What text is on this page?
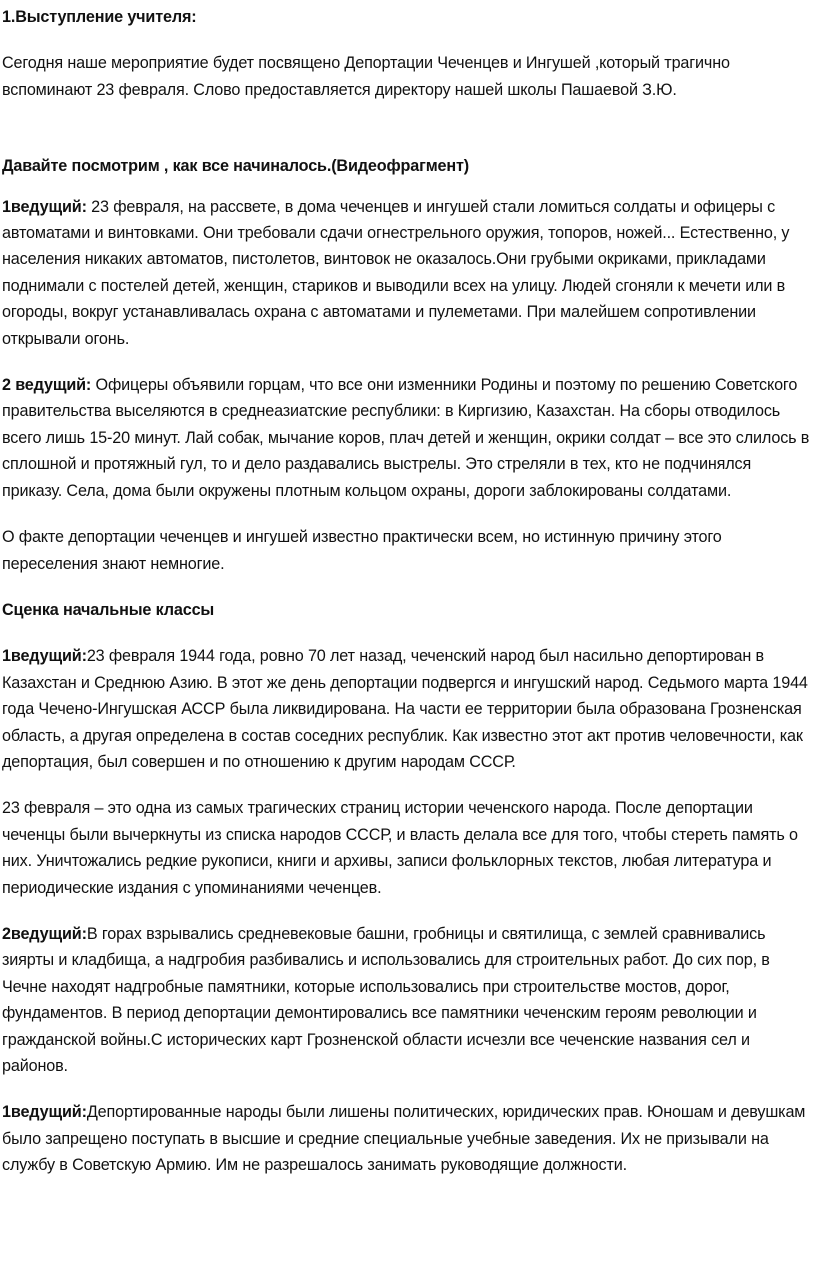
1.Выступление учителя:

Сегодня наше мероприятие будет посвящено Депортации Чеченцев и Ингушей ,который трагично вспоминают 23 февраля. Слово предоставляется директору нашей школы Пашаевой З.Ю.

Давайте посмотрим , как все начиналось.(Видеофрагмент)

1ведущий: 23 февраля, на рассвете, в дома чеченцев и ингушей стали ломиться солдаты и офицеры с автоматами и винтовками. Они требовали сдачи огнестрельного оружия, топоров, ножей... Естественно, у населения никаких автоматов, пистолетов, винтовок не оказалось.Они грубыми окриками, прикладами поднимали с постелей детей, женщин, стариков и выводили всех на улицу. Людей сгоняли к мечети или в огороды, вокруг устанавливалась охрана с автоматами и пулеметами. При малейшем сопротивлении открывали огонь.

2 ведущий: Офицеры объявили горцам, что все они изменники Родины и поэтому по решению Советского правительства выселяются в среднеазиатские республики: в Киргизию, Казахстан. На сборы отводилось всего лишь 15-20 минут. Лай собак, мычание коров, плач детей и женщин, окрики солдат – все это слилось в сплошной и протяжный гул, то и дело раздавались выстрелы. Это стреляли в тех, кто не подчинялся приказу. Села, дома были окружены плотным кольцом охраны, дороги заблокированы солдатами.

О факте депортации чеченцев и ингушей известно практически всем, но истинную причину этого переселения знают немногие.

Сценка начальные классы

1ведущий:23 февраля 1944 года, ровно 70 лет назад, чеченский народ был насильно депортирован в Казахстан и Среднюю Азию. В этот же день депортации подвергся и ингушский народ. Седьмого марта 1944 года Чечено-Ингушская АССР была ликвидирована. На части ее территории была образована Грозненская область, а другая определена в состав соседних республик. Как известно этот акт против человечности, как депортация, был совершен и по отношению к другим народам СССР.

23 февраля – это одна из самых трагических страниц истории чеченского народа. После депортации чеченцы были вычеркнуты из списка народов СССР, и власть делала все для того, чтобы стереть память о них. Уничтожались редкие рукописи, книги и архивы, записи фольклорных текстов, любая литература и периодические издания с упоминаниями чеченцев.

2ведущий:В горах взрывались средневековые башни, гробницы и святилища, с землей сравнивались зиярты и кладбища, а надгробия разбивались и использовались для строительных работ. До сих пор, в Чечне находят надгробные памятники, которые использовались при строительстве мостов, дорог, фундаментов. В период депортации демонтировались все памятники чеченским героям революции и гражданской войны.С исторических карт Грозненской области исчезли все чеченские названия сел и районов.

1ведущий:Депортированные народы были лишены политических, юридических прав. Юношам и девушкам было запрещено поступать в высшие и средние специальные учебные заведения. Их не призывали на службу в Советскую Армию. Им не разрешалось занимать руководящие должности.
